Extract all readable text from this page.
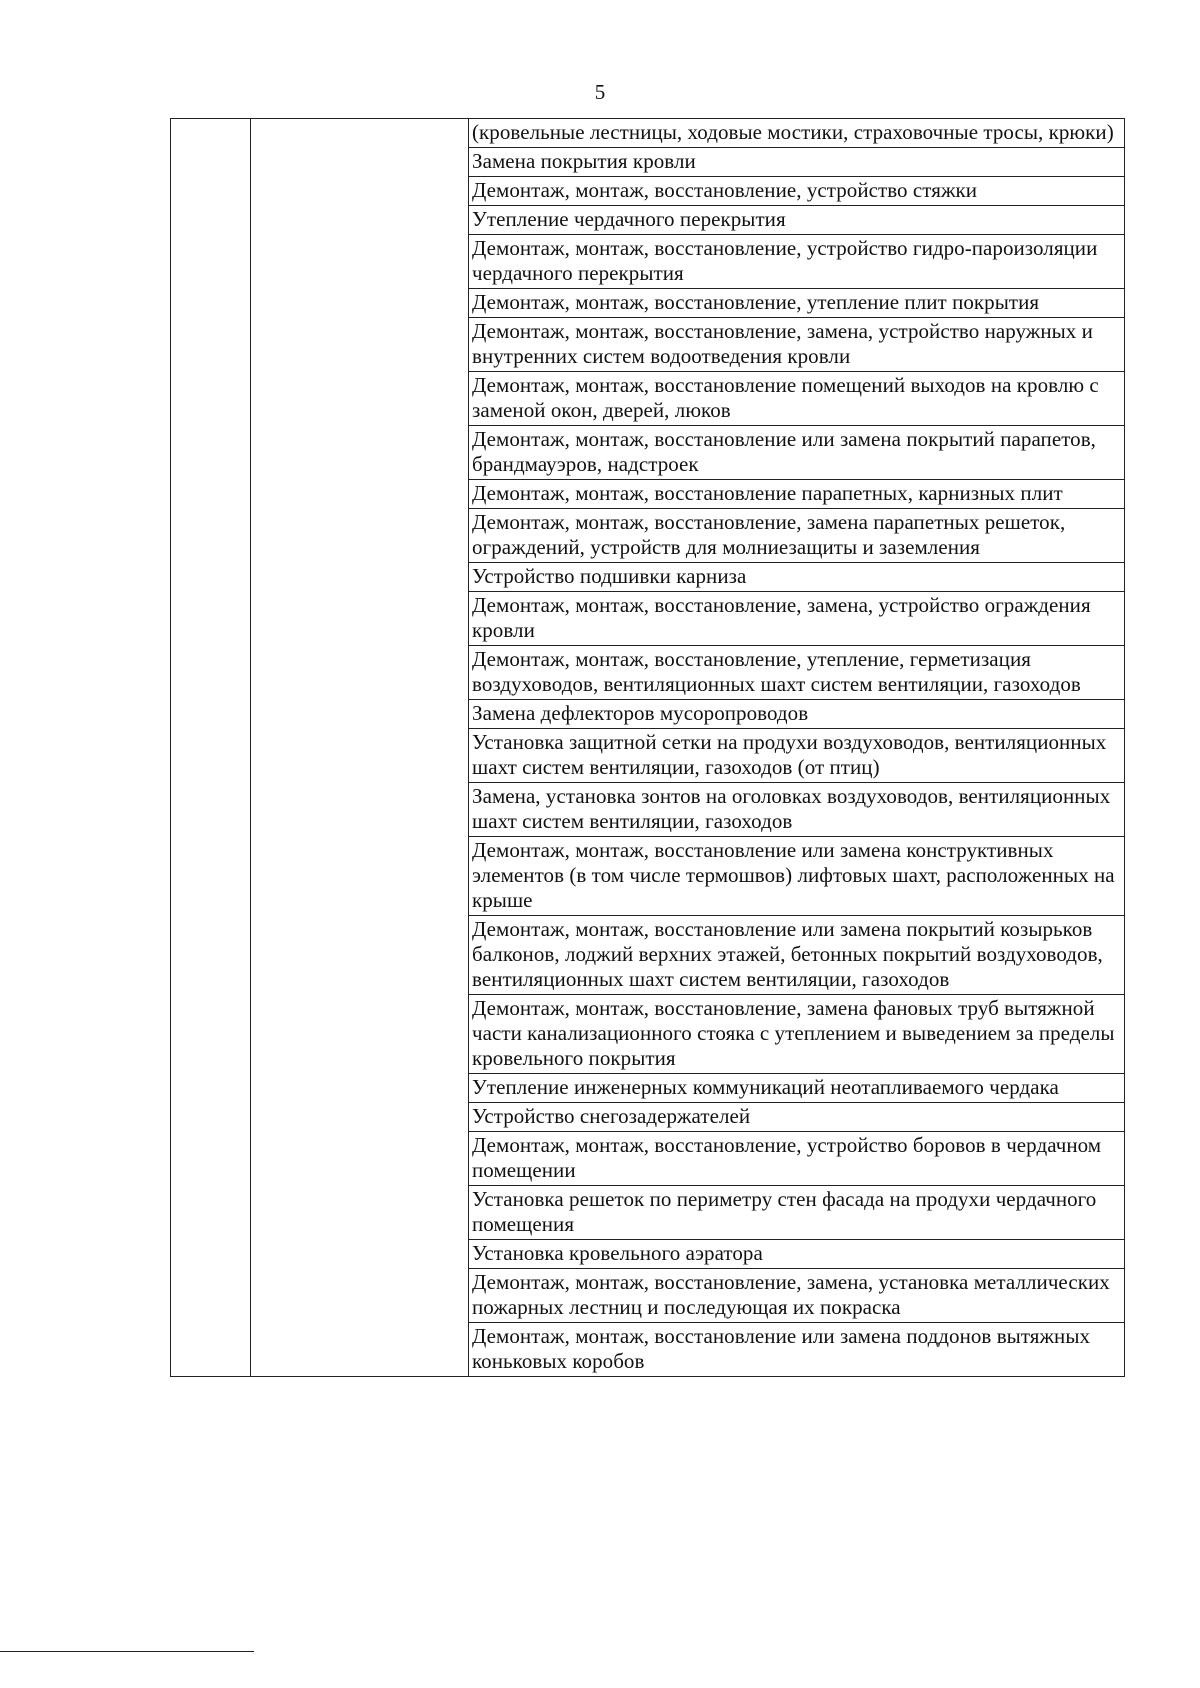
5
		(кровельные лестницы, ходовые мостики, страховочные тросы, крюки)
Замена покрытия кровли
Демонтаж, монтаж, восстановление, устройство стяжки
Утепление чердачного перекрытия
Демонтаж, монтаж, восстановление, устройство гидро-пароизоляции чердачного перекрытия
Демонтаж, монтаж, восстановление, утепление плит покрытия
Демонтаж, монтаж, восстановление, замена, устройство наружных и внутренних систем водоотведения кровли
Демонтаж, монтаж, восстановление помещений выходов на кровлю с заменой окон, дверей, люков
Демонтаж, монтаж, восстановление или замена покрытий парапетов, брандмауэров, надстроек
Демонтаж, монтаж, восстановление парапетных, карнизных плит
Демонтаж, монтаж, восстановление, замена парапетных решеток, ограждений, устройств для молниезащиты и заземления
Устройство подшивки карниза
Демонтаж, монтаж, восстановление, замена, устройство ограждения кровли
Демонтаж, монтаж, восстановление, утепление, герметизация воздуховодов, вентиляционных шахт систем вентиляции, газоходов
Замена дефлекторов мусоропроводов
Установка защитной сетки на продухи воздуховодов, вентиляционных шахт систем вентиляции, газоходов (от птиц)
Замена, установка зонтов на оголовках воздуховодов, вентиляционных шахт систем вентиляции, газоходов
Демонтаж, монтаж, восстановление или замена конструктивных элементов (в том числе термошвов) лифтовых шахт, расположенных на крыше
Демонтаж, монтаж, восстановление или замена покрытий козырьков балконов, лоджий верхних этажей, бетонных покрытий воздуховодов, вентиляционных шахт систем вентиляции, газоходов
Демонтаж, монтаж, восстановление, замена фановых труб вытяжной части канализационного стояка с утеплением и выведением за пределы кровельного покрытия
Утепление инженерных коммуникаций неотапливаемого чердака
Устройство снегозадержателей
Демонтаж, монтаж, восстановление, устройство боровов в чердачном помещении
Установка решеток по периметру стен фасада на продухи чердачного помещения
Установка кровельного аэратора
Демонтаж, монтаж, восстановление, замена, установка металлических пожарных лестниц и последующая их покраска
Демонтаж, монтаж, восстановление или замена поддонов вытяжных коньковых коробов
